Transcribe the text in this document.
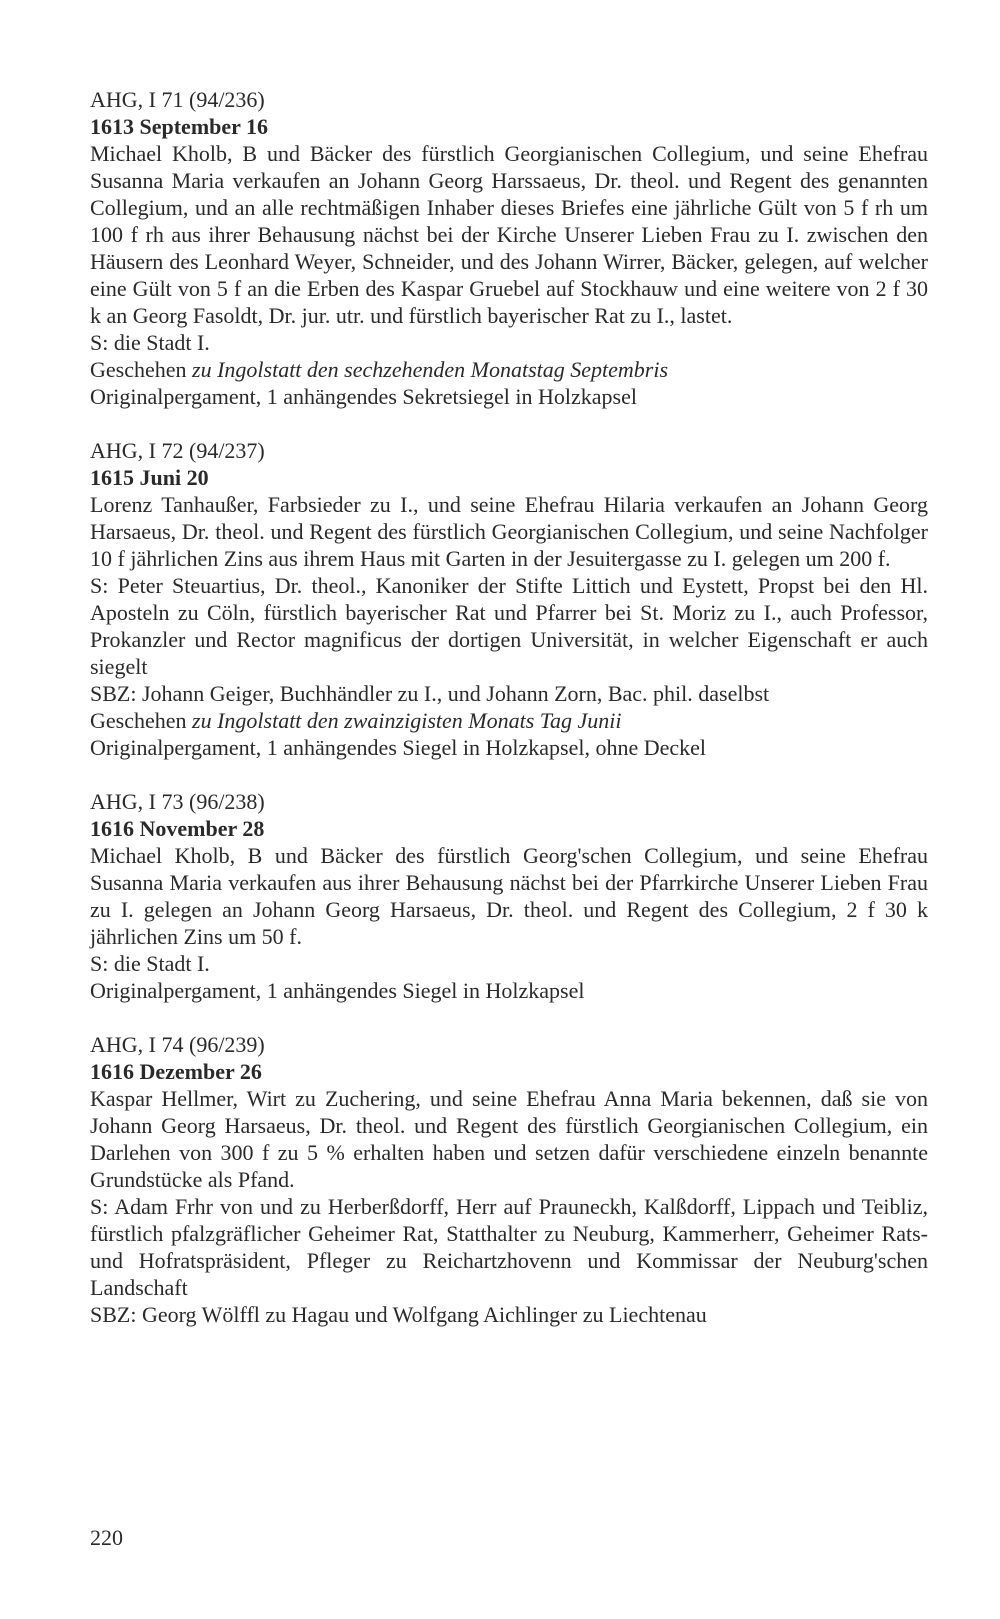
AHG, I 71 (94/236)

1613 September 16

Michael Kholb, B und Bäcker des fürstlich Georgianischen Collegium, und seine Ehefrau Susanna Maria verkaufen an Johann Georg Harssaeus, Dr. theol. und Regent des genannten Collegium, und an alle rechtmäßigen Inhaber dieses Briefes eine jährliche Gült von 5 f rh um 100 f rh aus ihrer Behausung nächst bei der Kirche Unserer Lieben Frau zu I. zwischen den Häusern des Leonhard Weyer, Schneider, und des Johann Wirrer, Bäcker, gelegen, auf welcher eine Gült von 5 f an die Erben des Kaspar Gruebel auf Stockhauw und eine weitere von 2 f 30 k an Georg Fasoldt, Dr. jur. utr. und fürstlich bayerischer Rat zu I., lastet.

S: die Stadt I.

Geschehen zu Ingolstatt den sechzehenden Monatstag Septembris

Originalpergament, 1 anhängendes Sekretsiegel in Holzkapsel

AHG, I 72 (94/237)

1615 Juni 20

Lorenz Tanhaußer, Farbsieder zu I., und seine Ehefrau Hilaria verkaufen an Johann Georg Harsaeus, Dr. theol. und Regent des fürstlich Georgianischen Collegium, und seine Nachfolger 10 f jährlichen Zins aus ihrem Haus mit Garten in der Jesuitergasse zu I. gelegen um 200 f.

S: Peter Steuartius, Dr. theol., Kanoniker der Stifte Littich und Eystett, Propst bei den Hl. Aposteln zu Cöln, fürstlich bayerischer Rat und Pfarrer bei St. Moriz zu I., auch Professor, Prokanzler und Rector magnificus der dortigen Universität, in welcher Eigenschaft er auch siegelt

SBZ: Johann Geiger, Buchhändler zu I., und Johann Zorn, Bac. phil. daselbst

Geschehen zu Ingolstatt den zwainzigisten Monats Tag Junii

Originalpergament, 1 anhängendes Siegel in Holzkapsel, ohne Deckel

AHG, I 73 (96/238)

1616 November 28

Michael Kholb, B und Bäcker des fürstlich Georg'schen Collegium, und seine Ehefrau Susanna Maria verkaufen aus ihrer Behausung nächst bei der Pfarrkirche Unserer Lieben Frau zu I. gelegen an Johann Georg Harsaeus, Dr. theol. und Regent des Collegium, 2 f 30 k jährlichen Zins um 50 f.

S: die Stadt I.

Originalpergament, 1 anhängendes Siegel in Holzkapsel

AHG, I 74 (96/239)

1616 Dezember 26

Kaspar Hellmer, Wirt zu Zuchering, und seine Ehefrau Anna Maria bekennen, daß sie von Johann Georg Harsaeus, Dr. theol. und Regent des fürstlich Georgianischen Collegium, ein Darlehen von 300 f zu 5 % erhalten haben und setzen dafür verschiedene einzeln benannte Grundstücke als Pfand.

S: Adam Frhr von und zu Herberßdorff, Herr auf Prauneckh, Kalßdorff, Lippach und Teibliz, fürstlich pfalzgräflicher Geheimer Rat, Statthalter zu Neuburg, Kammerherr, Geheimer Rats- und Hofratspräsident, Pfleger zu Reichartzhovenn und Kommissar der Neuburg'schen Landschaft

SBZ: Georg Wölffl zu Hagau und Wolfgang Aichlinger zu Liechtenau

220
